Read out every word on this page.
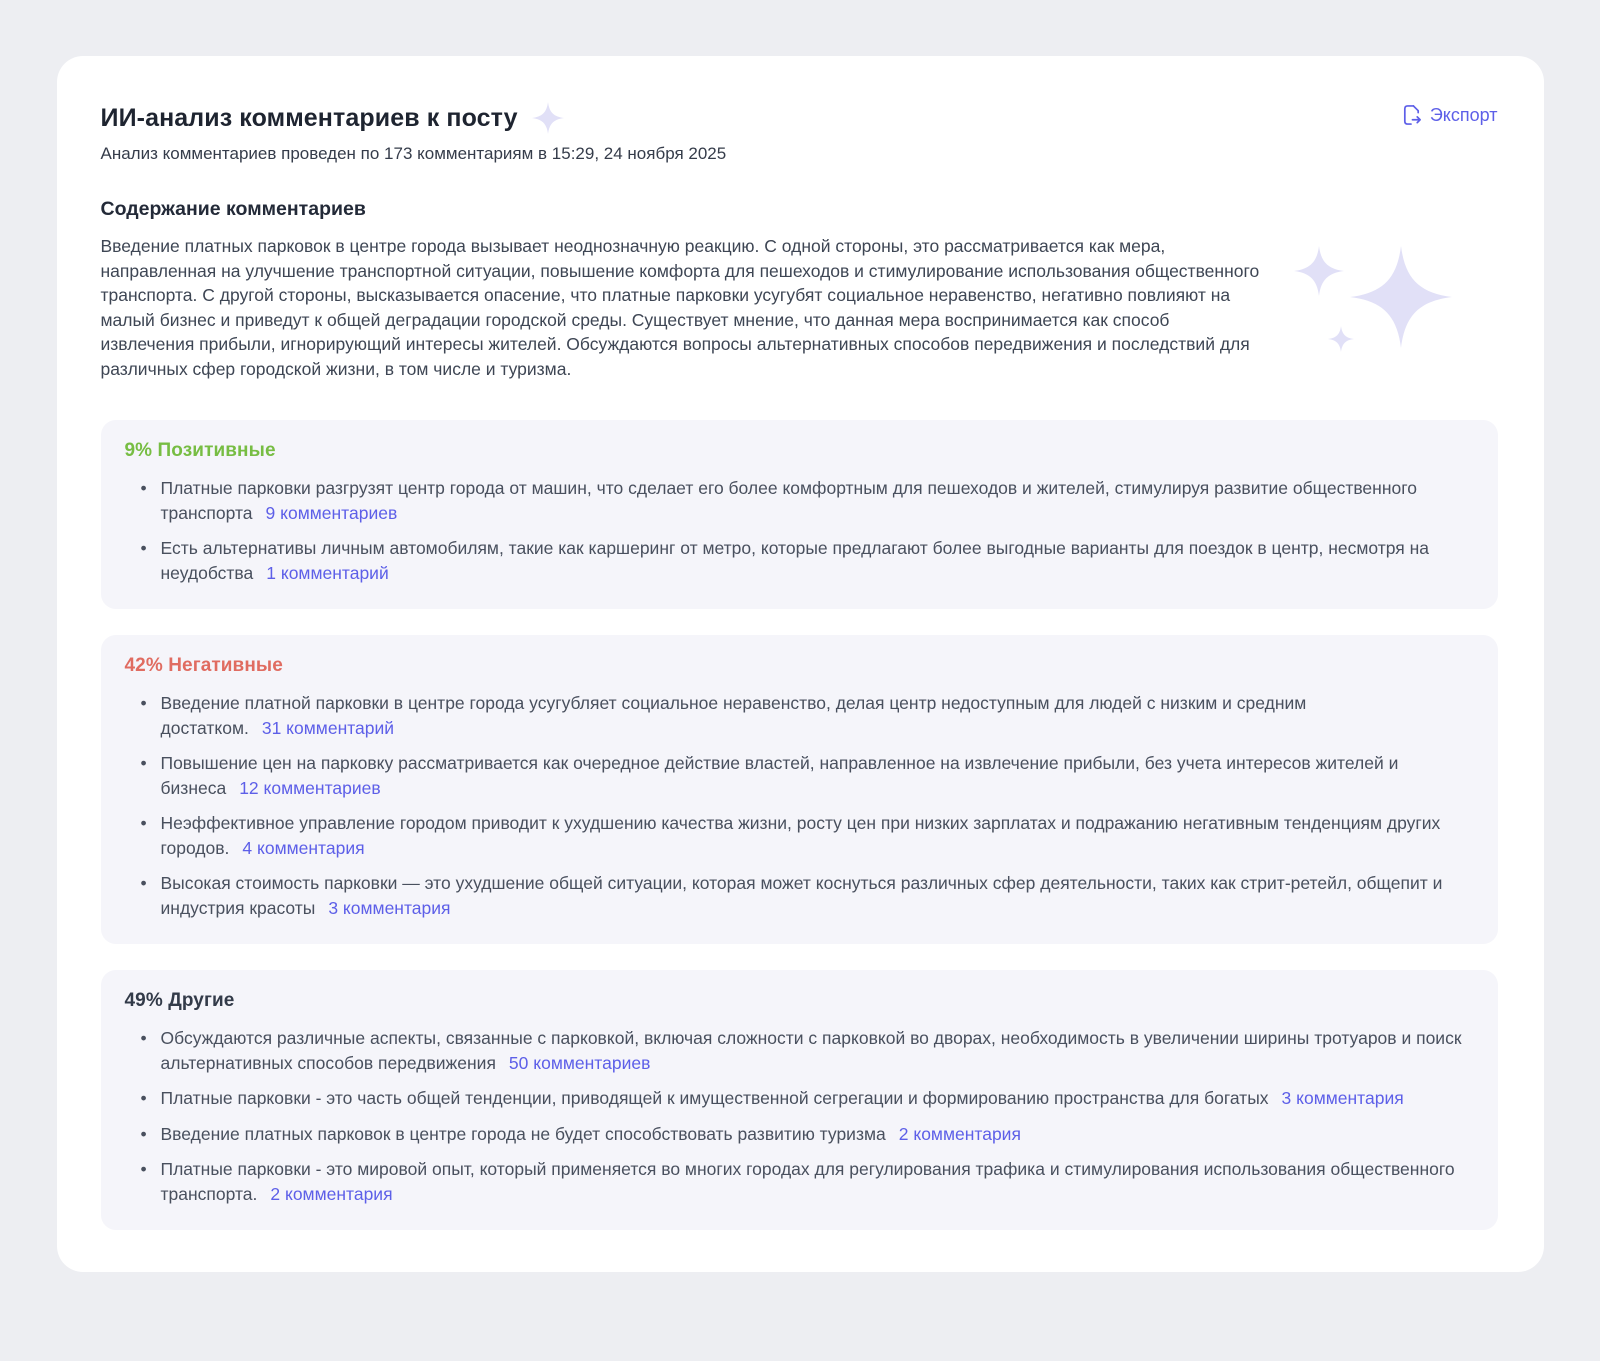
ИИ-анализ комментариев к посту	Экспорт
Анализ комментариев проведен по 173 комментариям в 15:29, 24 ноября 2025
Содержание комментариев

Введение платных парковок в центре города вызывает неоднозначную реакцию. С одной стороны, это рассматривается как мера, направленная на улучшение транспортной ситуации, повышение комфорта для пешеходов и стимулирование использования общественного транспорта. С другой стороны, высказывается опасение, что платные парковки усугубят социальное неравенство, негативно повлияют на малый бизнес и приведут к общей деградации городской среды. Существует мнение, что данная мера воспринимается как способ извлечения прибыли, игнорирующий интересы жителей. Обсуждаются вопросы альтернативных способов передвижения и последствий для различных сфер городской жизни, в том числе и туризма.

9% Позитивные
• Платные парковки разгрузят центр города от машин, что сделает его более комфортным для пешеходов и жителей, стимулируя развитие общественного транспорта 9 комментариев
• Есть альтернативы личным автомобилям, такие как каршеринг от метро, которые предлагают более выгодные варианты для поездок в центр, несмотря на неудобства 1 комментарий
42% Негативные
• Введение платной парковки в центре города усугубляет социальное неравенство, делая центр недоступным для людей с низким и средним достатком. 31 комментарий
• Повышение цен на парковку рассматривается как очередное действие властей, направленное на извлечение прибыли, без учета интересов жителей и бизнеса 12 комментариев
• Неэффективное управление городом приводит к ухудшению качества жизни, росту цен при низких зарплатах и подражанию негативным тенденциям других городов. 4 комментария
• Высокая стоимость парковки — это ухудшение общей ситуации, которая может коснуться различных сфер деятельности, таких как стрит-ретейл, общепит и индустрия красоты 3 комментария
49% Другие
• Обсуждаются различные аспекты, связанные с парковкой, включая сложности с парковкой во дворах, необходимость в увеличении ширины тротуаров и поиск альтернативных способов передвижения 50 комментариев
• Платные парковки - это часть общей тенденции, приводящей к имущественной сегрегации и формированию пространства для богатых 3 комментария
• Введение платных парковок в центре города не будет способствовать развитию туризма 2 комментария
• Платные парковки - это мировой опыт, который применяется во многих городах для регулирования трафика и стимулирования использования общественного транспорта. 2 комментария
